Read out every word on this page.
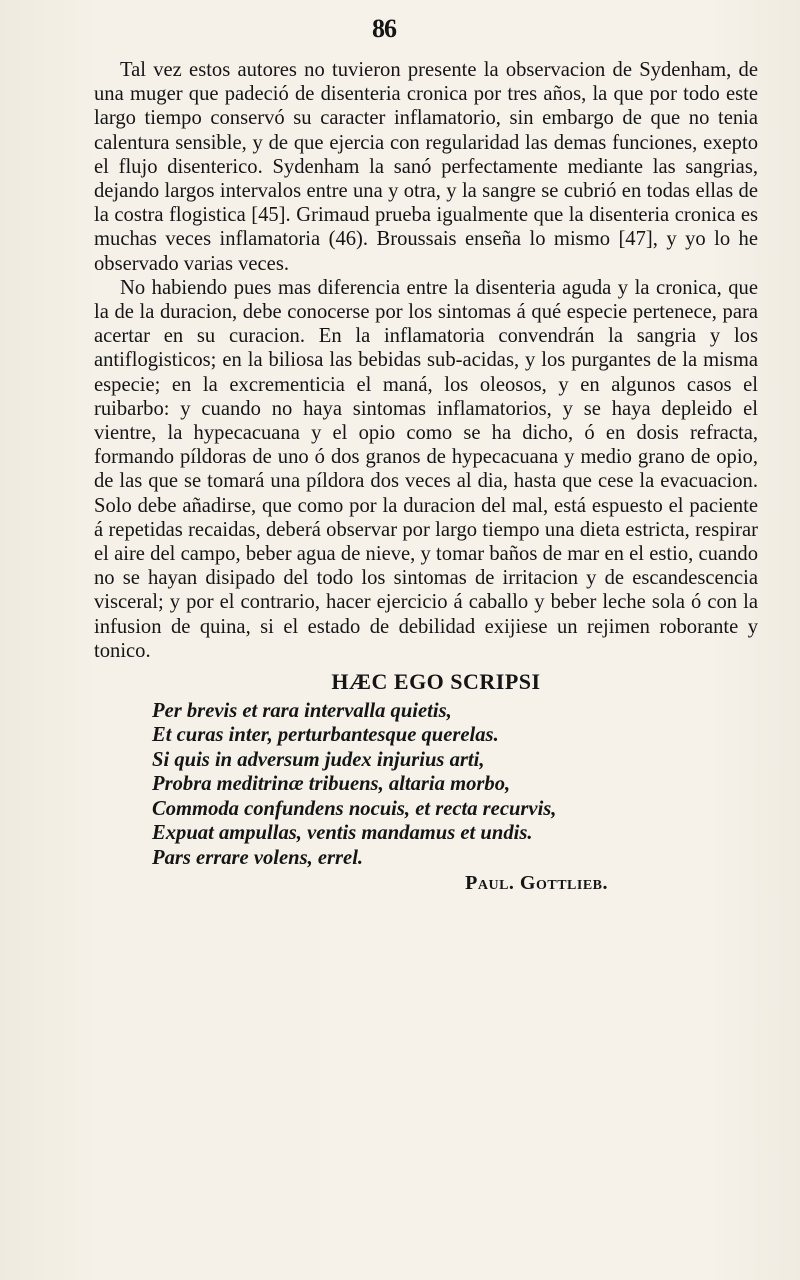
86

Tal vez estos autores no tuvieron presente la observacion de Sydenham, de una muger que padeció de disenteria cronica por tres años, la que por todo este largo tiempo conservó su caracter inflamatorio, sin embargo de que no tenia calentura sensible, y de que ejercia con regularidad las demas funciones, exepto el flujo disenterico. Sydenham la sanó perfectamente mediante las sangrias, dejando largos intervalos entre una y otra, y la sangre se cubrió en todas ellas de la costra flogistica [45]. Grimaud prueba igualmente que la disenteria cronica es muchas veces inflamatoria (46). Broussais enseña lo mismo [47], y yo lo he observado varias veces.

No habiendo pues mas diferencia entre la disenteria aguda y la cronica, que la de la duracion, debe conocerse por los sintomas á qué especie pertenece, para acertar en su curacion. En la inflamatoria convendrán la sangria y los antiflogisticos; en la biliosa las bebidas sub-acidas, y los purgantes de la misma especie; en la excrementicia el maná, los oleosos, y en algunos casos el ruibarbo: y cuando no haya sintomas inflamatorios, y se haya depleido el vientre, la hypecacuana y el opio como se ha dicho, ó en dosis refracta, formando píldoras de uno ó dos granos de hypecacuana y medio grano de opio, de las que se tomará una píldora dos veces al dia, hasta que cese la evacuacion. Solo debe añadirse, que como por la duracion del mal, está espuesto el paciente á repetidas recaidas, deberá observar por largo tiempo una dieta estricta, respirar el aire del campo, beber agua de nieve, y tomar baños de mar en el estio, cuando no se hayan disipado del todo los sintomas de irritacion y de escandescencia visceral; y por el contrario, hacer ejercicio á caballo y beber leche sola ó con la infusion de quina, si el estado de debilidad exijiese un rejimen roborante y tonico.

HÆC EGO SCRIPSI
Per brevis et rara intervalla quietis,
Et curas inter, perturbantesque querelas.
Si quis in adversum judex injurius arti,
Probra meditrinæ tribuens, altaria morbo,
Commoda confundens nocuis, et recta recurvis,
Expuat ampullas, ventis mandamus et undis.
Pars errare volens, errel.
Paul. Gottlieb.
